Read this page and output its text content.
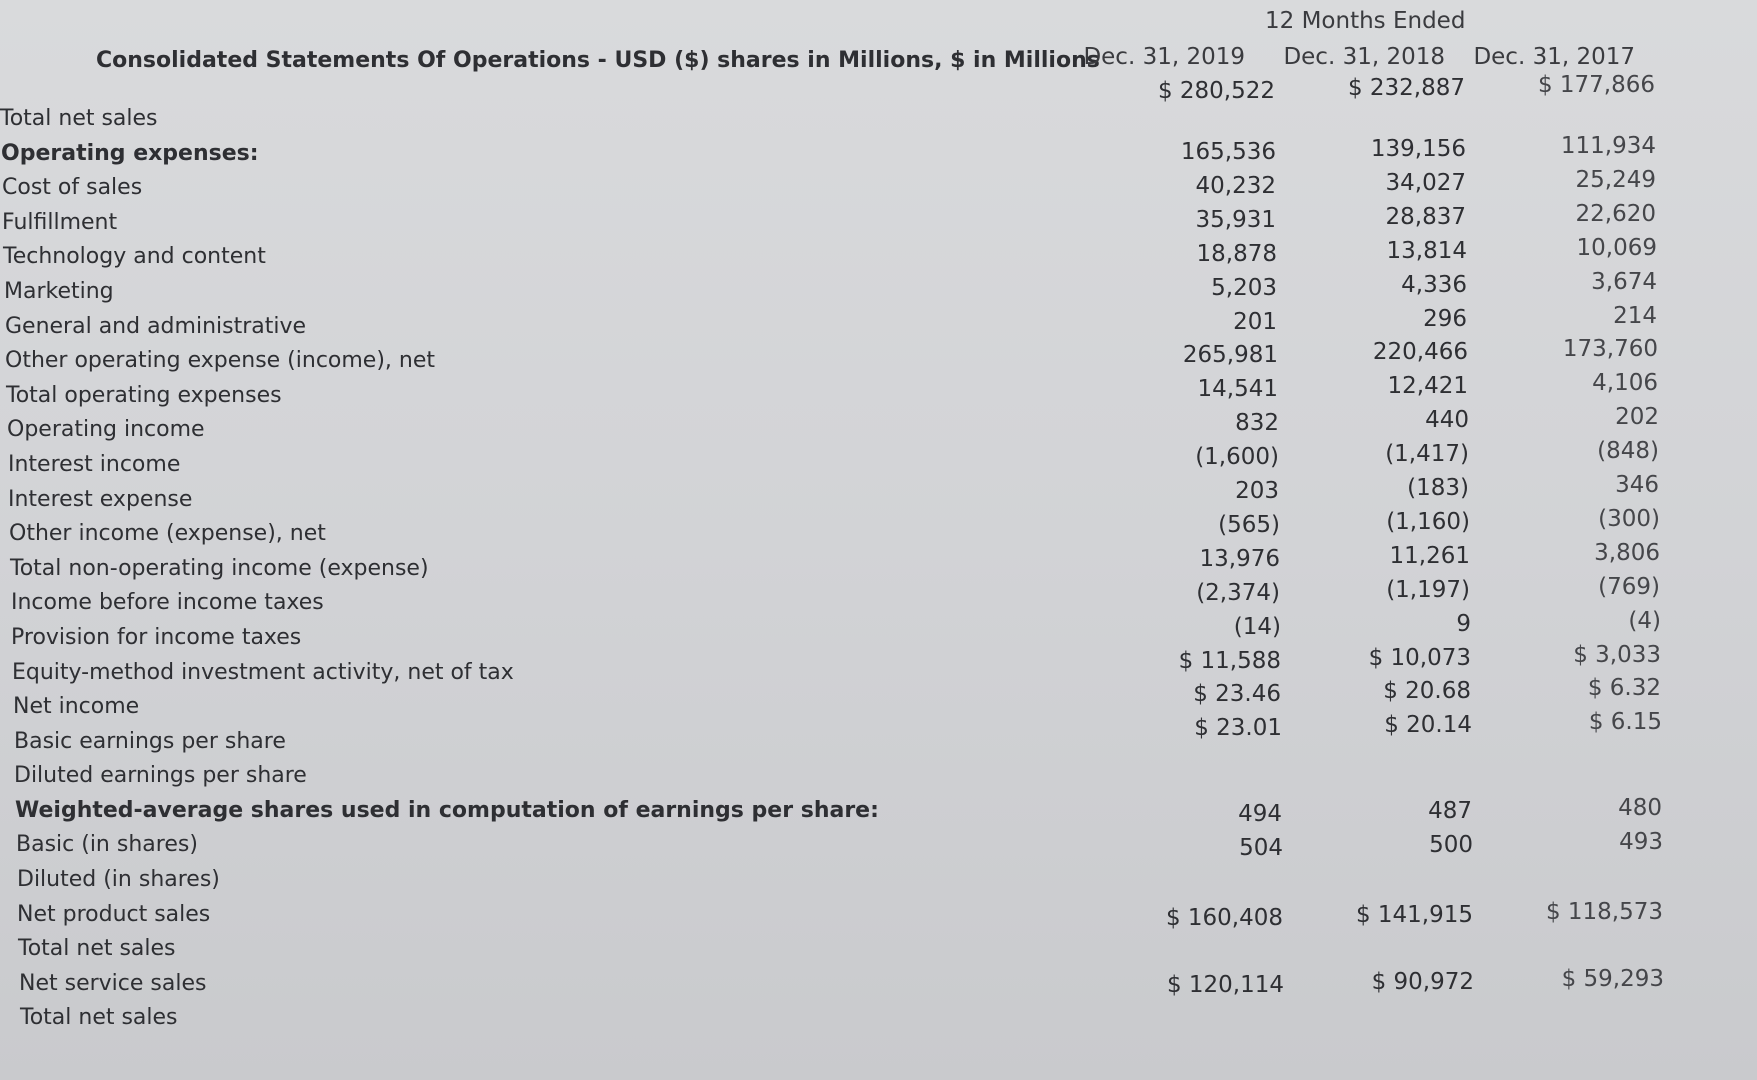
Consolidated Statements Of Operations - USD ($) shares in Millions, $ in Millions
12 Months Ended
Dec. 31, 2019	Dec. 31, 2018	Dec. 31, 2017
Total net sales
Operating expenses:
Cost of sales
Fulfillment
Technology and content
Marketing
General and administrative
Other operating expense (income), net
Total operating expenses
Operating income
Interest income
Interest expense
Other income (expense), net
Total non-operating income (expense)
Income before income taxes
Provision for income taxes
Equity-method investment activity, net of tax
Net income
Basic earnings per share
Diluted earnings per share
Weighted-average shares used in computation of earnings per share:
Basic (in shares)
Diluted (in shares)
Net product sales
Total net sales
Net service sales
Total net sales
$ 280,522
165,536
40,232
35,931
18,878
5,203
201
265,981
14,541
832
(1,600)
203
(565)
13,976
(2,374)
(14)
$ 11,588
$ 23.46
$ 23.01
494
504
$ 160,408
$ 120,114
$ 232,887
139,156
34,027
28,837
13,814
4,336
296
220,466
12,421
440
(1,417)
(183)
(1,160)
11,261
(1,197)
9
$ 10,073
$ 20.68
$ 20.14
487
500
$ 141,915
$ 90,972
$ 177,866
111,934
25,249
22,620
10,069
3,674
214
173,760
4,106
202
(848)
346
(300)
3,806
(769)
(4)
$ 3,033
$ 6.32
$ 6.15
480
493
$ 118,573
$ 59,293
